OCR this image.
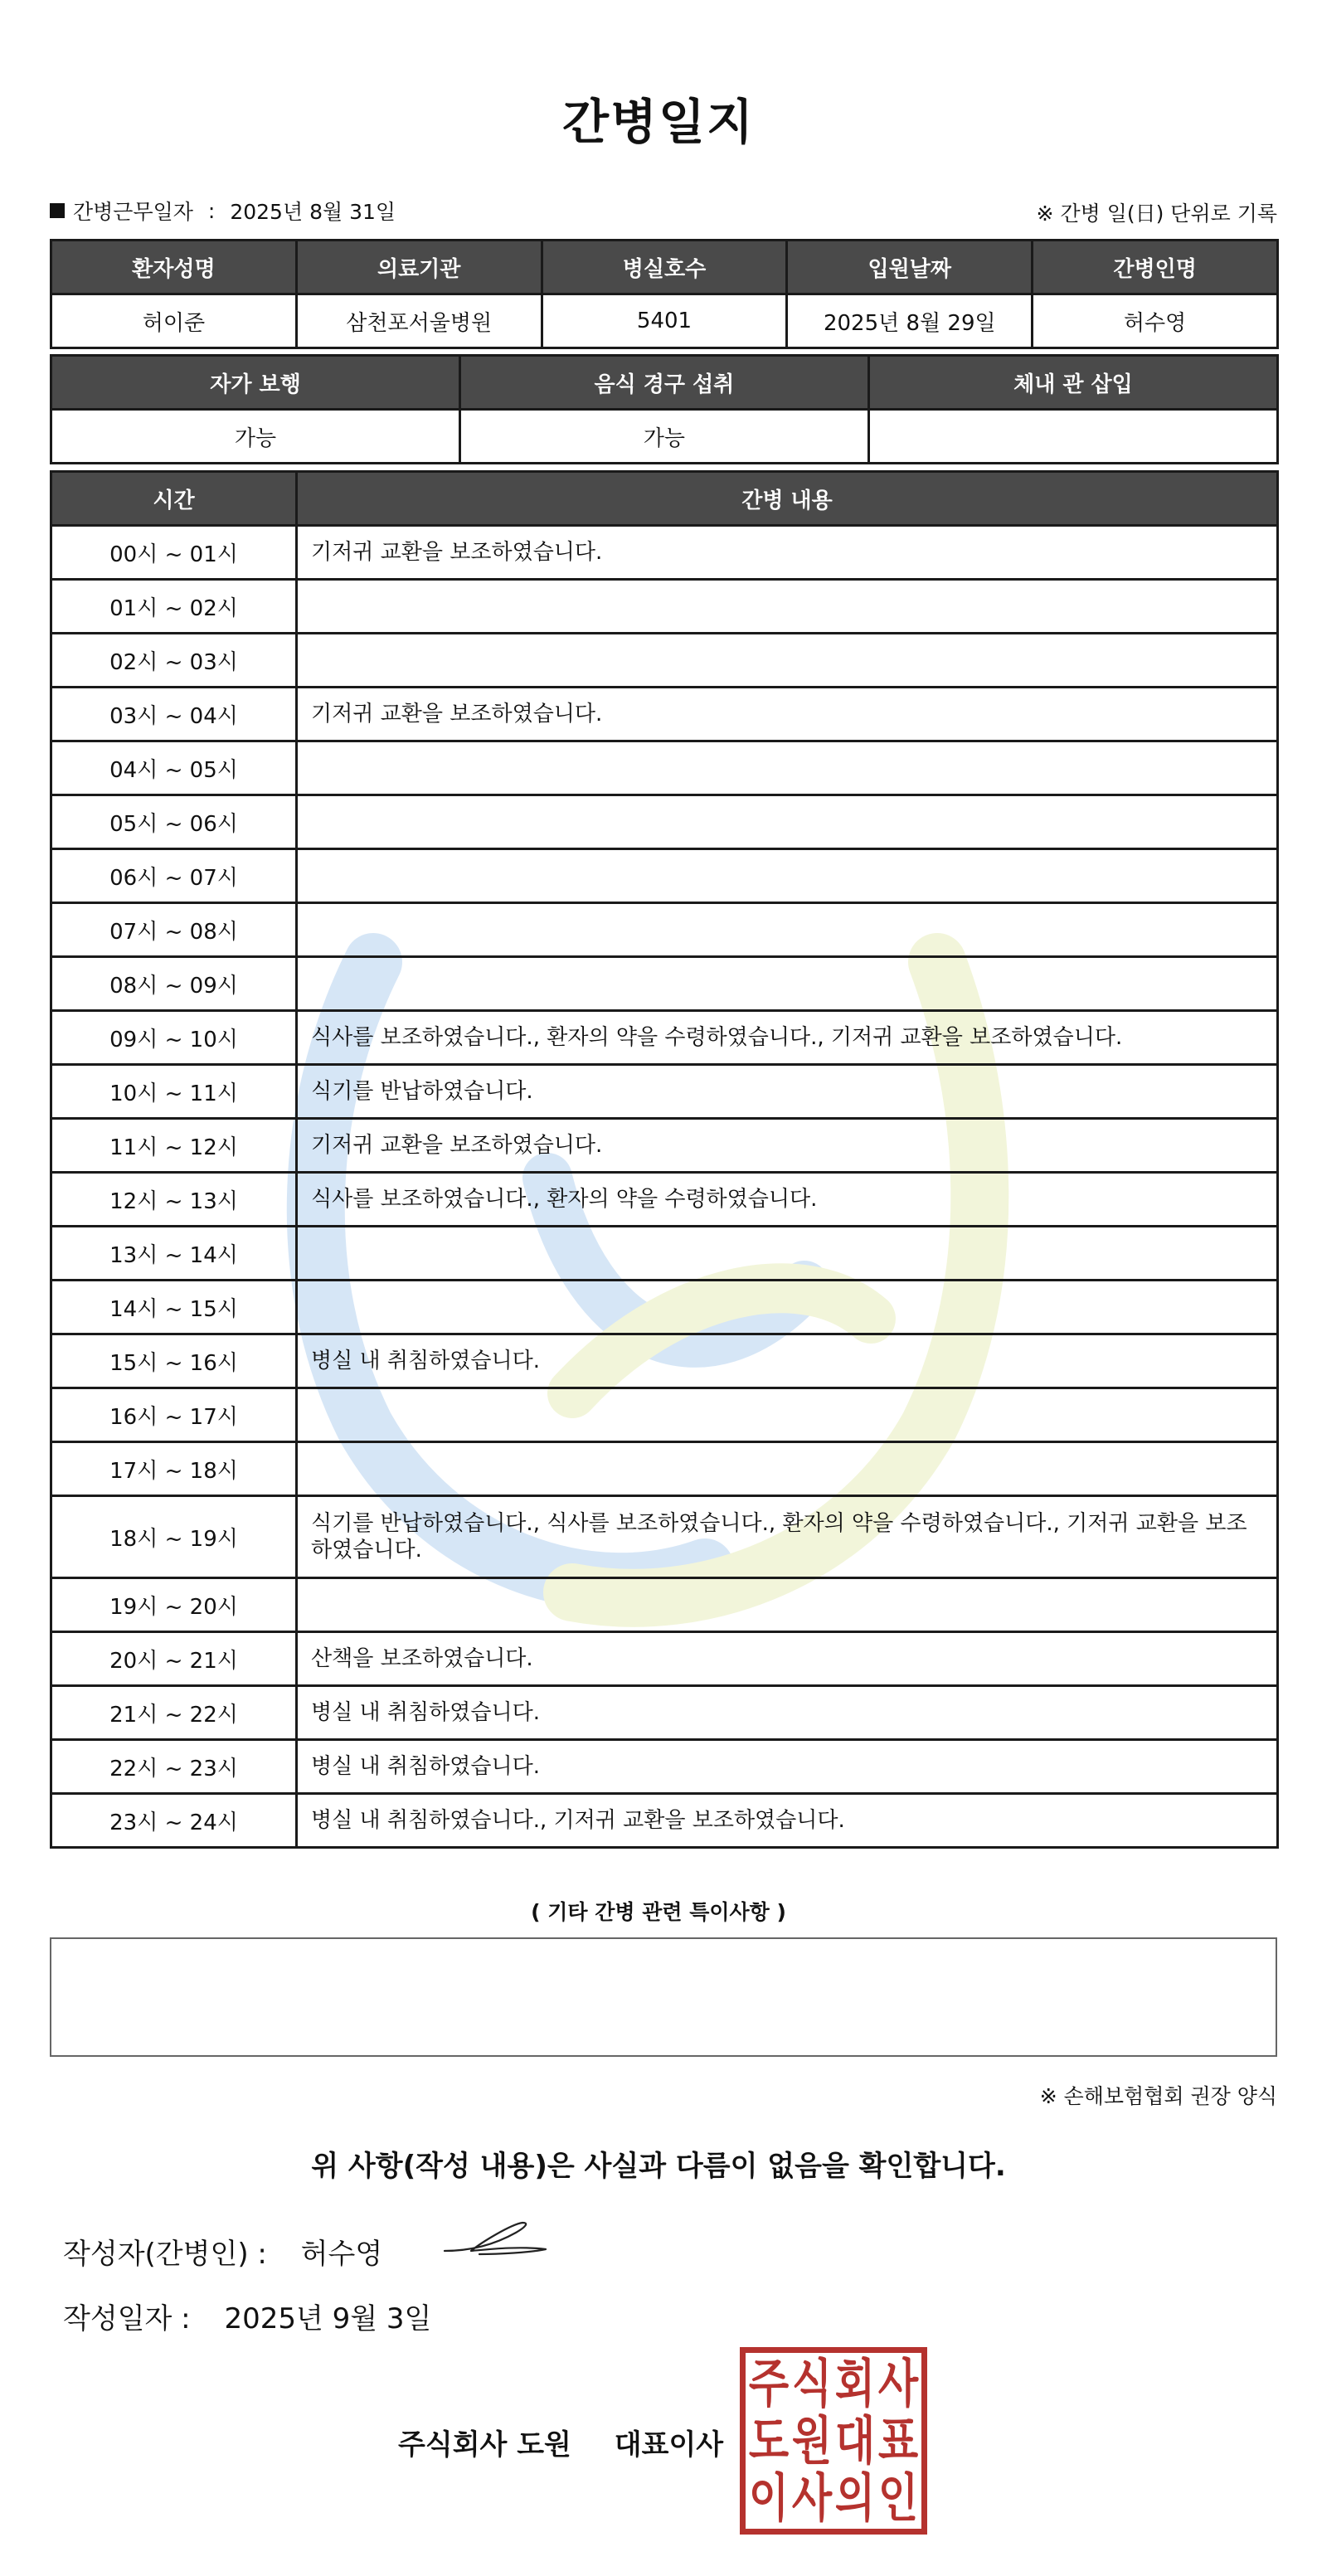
간병일지
간병근무일자 : 2025년 8월 31일	※ 간병 일(日) 단위로 기록
환자성명	의료기관	병실호수	입원날짜	간병인명
허이준	삼천포서울병원	5401	2025년 8월 29일	허수영
자가 보행	음식 경구 섭취	체내 관 삽입
가능	가능	
시간	간병 내용
00시 ~ 01시	기저귀 교환을 보조하였습니다.
01시 ~ 02시	
02시 ~ 03시	
03시 ~ 04시	기저귀 교환을 보조하였습니다.
04시 ~ 05시	
05시 ~ 06시	
06시 ~ 07시	
07시 ~ 08시	
08시 ~ 09시	
09시 ~ 10시	식사를 보조하였습니다., 환자의 약을 수령하였습니다., 기저귀 교환을 보조하였습니다.
10시 ~ 11시	식기를 반납하였습니다.
11시 ~ 12시	기저귀 교환을 보조하였습니다.
12시 ~ 13시	식사를 보조하였습니다., 환자의 약을 수령하였습니다.
13시 ~ 14시	
14시 ~ 15시	
15시 ~ 16시	병실 내 취침하였습니다.
16시 ~ 17시	
17시 ~ 18시	
18시 ~ 19시	식기를 반납하였습니다., 식사를 보조하였습니다., 환자의 약을 수령하였습니다., 기저귀 교환을 보조하였습니다.
19시 ~ 20시	
20시 ~ 21시	산책을 보조하였습니다.
21시 ~ 22시	병실 내 취침하였습니다.
22시 ~ 23시	병실 내 취침하였습니다.
23시 ~ 24시	병실 내 취침하였습니다., 기저귀 교환을 보조하였습니다.
( 기타 간병 관련 특이사항 )
※ 손해보험협회 권장 양식
위 사항(작성 내용)은 사실과 다름이 없음을 확인합니다.
작성자(간병인) : 허수영
작성일자 : 2025년 9월 3일
주식회사 도원 대표이사
주 식 회 사
도 원 대 표
이 사 의 인
